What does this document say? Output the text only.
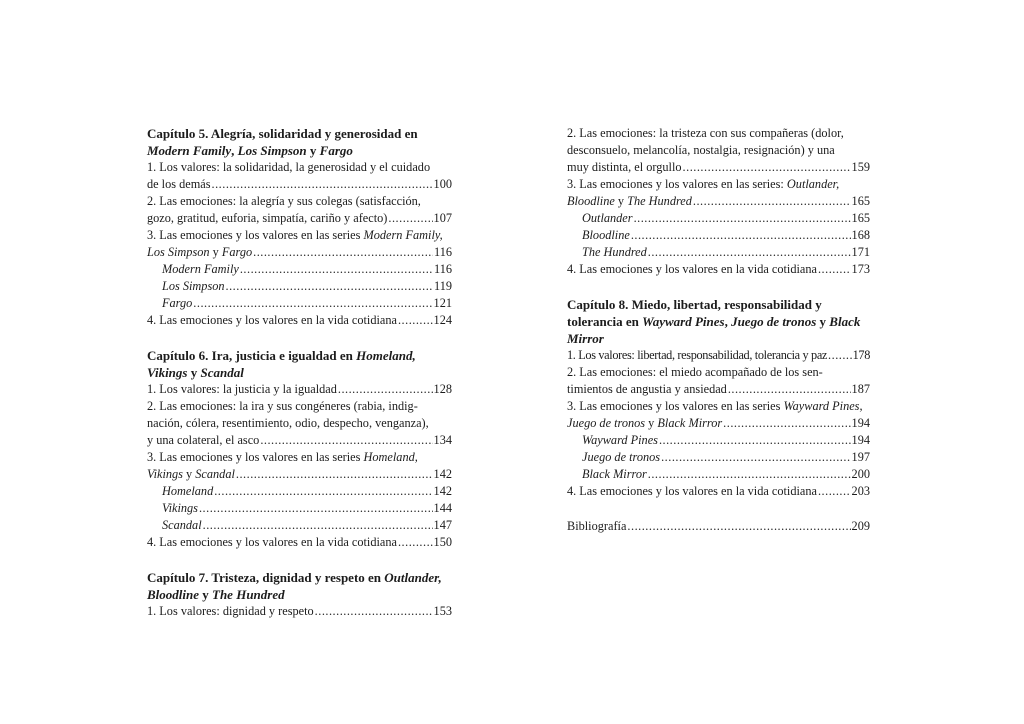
Capítulo 5. Alegría, solidaridad y generosidad en
Modern Family, Los Simpson y Fargo

1. Los valores: la solidaridad, la generosidad y el cuidado
de los demás .....	100
2. Las emociones: la alegría y sus colegas (satisfacción,
gozo, gratitud, euforia, simpatía, cariño y afecto) .....	107
3. Las emociones y los valores en las series Modern Family,
Los Simpson y Fargo .....	116
Modern Family .....	116
Los Simpson .....	119
Fargo .....	121
4. Las emociones y los valores en la vida cotidiana .....	124

Capítulo 6. Ira, justicia e igualdad en Homeland,
Vikings y Scandal

1. Los valores: la justicia y la igualdad .....	128
2. Las emociones: la ira y sus congéneres (rabia, indig-
nación, cólera, resentimiento, odio, despecho, venganza),
y una colateral, el asco .....	134
3. Las emociones y los valores en las series Homeland,
Vikings y Scandal .....	142
Homeland .....	142
Vikings .....	144
Scandal .....	147
4. Las emociones y los valores en la vida cotidiana .....	150

Capítulo 7. Tristeza, dignidad y respeto en Outlander,
Bloodline y The Hundred

1. Los valores: dignidad y respeto .....	153
2. Las emociones: la tristeza con sus compañeras (dolor,
desconsuelo, melancolía, nostalgia, resignación) y una
muy distinta, el orgullo .....	159
3. Las emociones y los valores en las series: Outlander,
Bloodline y The Hundred .....	165
Outlander .....	165
Bloodline .....	168
The Hundred .....	171
4. Las emociones y los valores en la vida cotidiana .....	173

Capítulo 8. Miedo, libertad, responsabilidad y
tolerancia en Wayward Pines, Juego de tronos y Black
Mirror

1. Los valores: libertad, responsabilidad, tolerancia y paz ..... 178
2. Las emociones: el miedo acompañado de los sen-
timientos de angustia y ansiedad .....	187
3. Las emociones y los valores en las series Wayward Pines,
Juego de tronos y Black Mirror .....	194
Wayward Pines .....	194
Juego de tronos .....	197
Black Mirror .....	200
4. Las emociones y los valores en la vida cotidiana .....	203
Bibliografía .....	209
